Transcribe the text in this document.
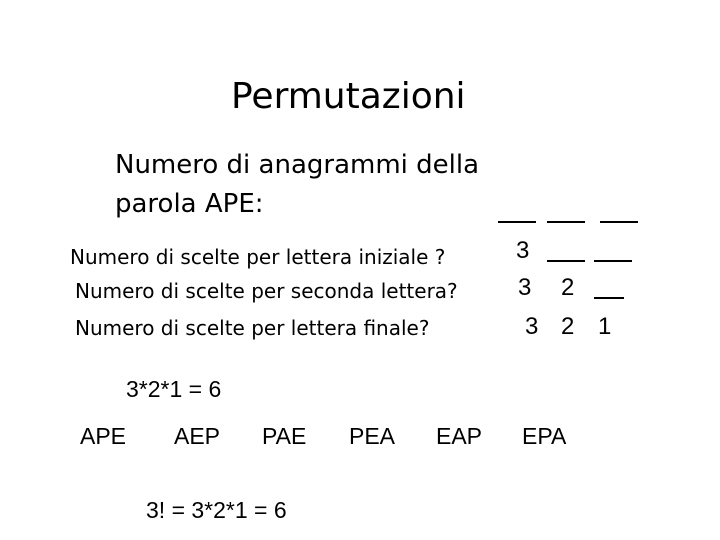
Permutazioni
Numero di anagrammi della
parola APE:
Numero di scelte per lettera iniziale ?	3
Numero di scelte per seconda lettera?	3 2
Numero di scelte per lettera finale?	3 2 1
3*2*1 = 6
APE AEP PAE PEA EAP EPA
3! = 3*2*1 = 6
